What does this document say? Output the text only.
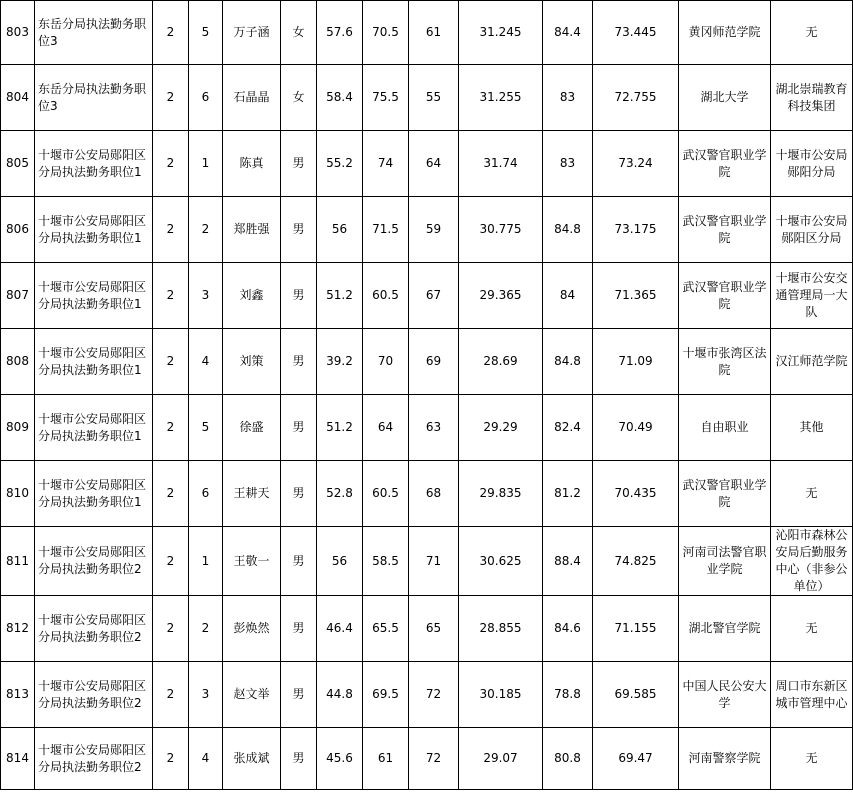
803	东岳分局执法勤务职位3	2	5	万子涵	女	57.6	70.5	61	31.245	84.4	73.445	黄冈师范学院	无
804	东岳分局执法勤务职位3	2	6	石晶晶	女	58.4	75.5	55	31.255	83	72.755	湖北大学	湖北崇瑞教育科技集团
805	十堰市公安局郧阳区分局执法勤务职位1	2	1	陈真	男	55.2	74	64	31.74	83	73.24	武汉警官职业学院	十堰市公安局郧阳分局
806	十堰市公安局郧阳区分局执法勤务职位1	2	2	郑胜强	男	56	71.5	59	30.775	84.8	73.175	武汉警官职业学院	十堰市公安局郧阳区分局
807	十堰市公安局郧阳区分局执法勤务职位1	2	3	刘鑫	男	51.2	60.5	67	29.365	84	71.365	武汉警官职业学院	十堰市公安交通管理局一大队
808	十堰市公安局郧阳区分局执法勤务职位1	2	4	刘策	男	39.2	70	69	28.69	84.8	71.09	十堰市张湾区法院	汉江师范学院
809	十堰市公安局郧阳区分局执法勤务职位1	2	5	徐盛	男	51.2	64	63	29.29	82.4	70.49	自由职业	其他
810	十堰市公安局郧阳区分局执法勤务职位1	2	6	王耕天	男	52.8	60.5	68	29.835	81.2	70.435	武汉警官职业学院	无
811	十堰市公安局郧阳区分局执法勤务职位2	2	1	王敬一	男	56	58.5	71	30.625	88.4	74.825	河南司法警官职业学院	沁阳市森林公安局后勤服务中心（非参公单位）
812	十堰市公安局郧阳区分局执法勤务职位2	2	2	彭焕然	男	46.4	65.5	65	28.855	84.6	71.155	湖北警官学院	无
813	十堰市公安局郧阳区分局执法勤务职位2	2	3	赵文举	男	44.8	69.5	72	30.185	78.8	69.585	中国人民公安大学	周口市东新区城市管理中心
814	十堰市公安局郧阳区分局执法勤务职位2	2	4	张成斌	男	45.6	61	72	29.07	80.8	69.47	河南警察学院	无
